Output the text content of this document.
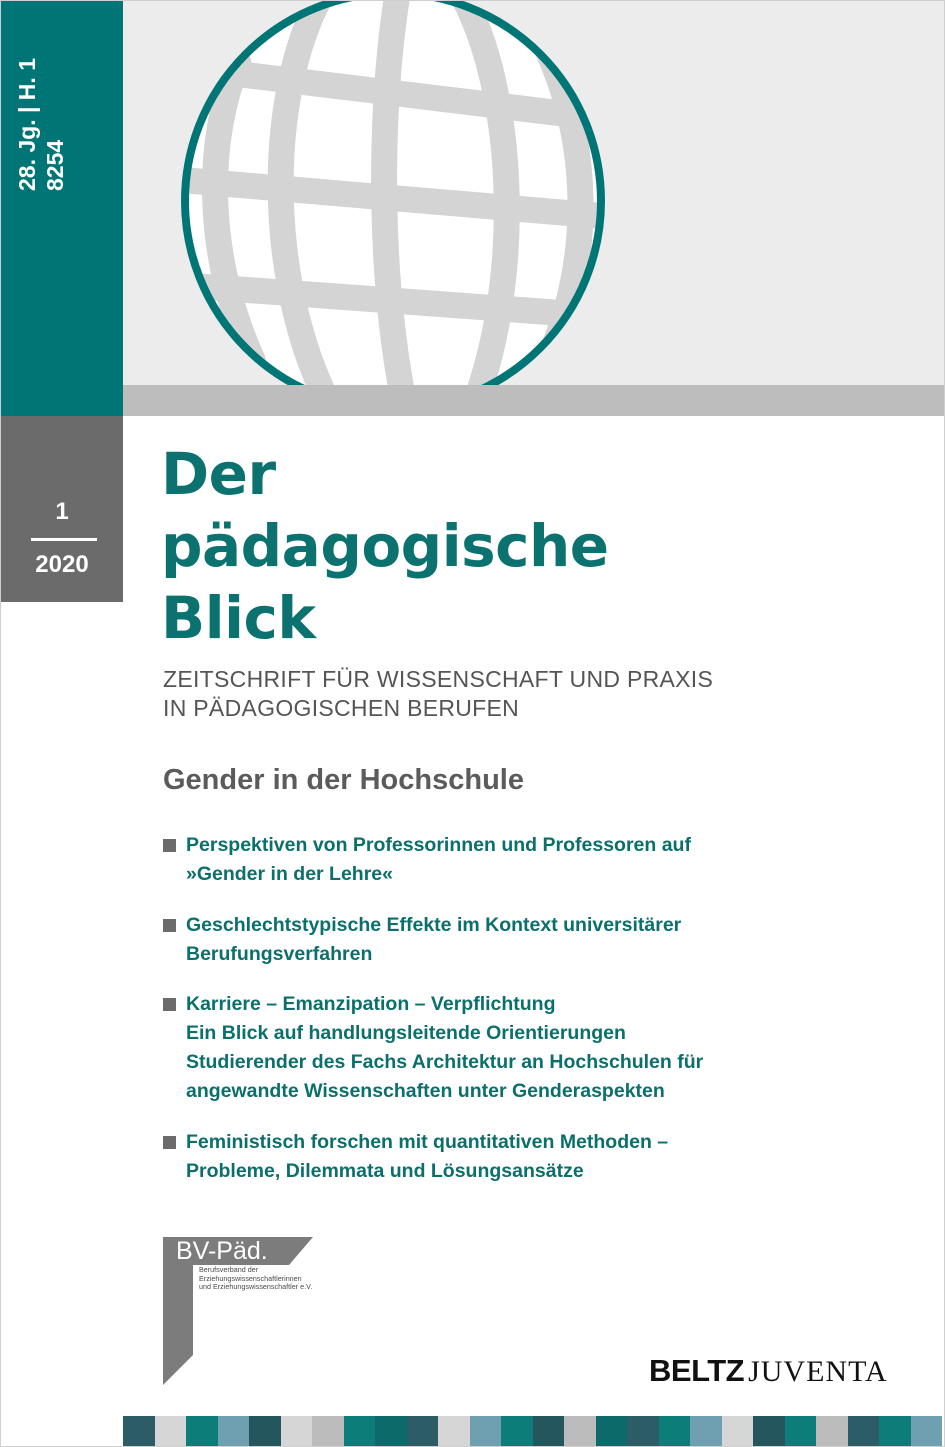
28. Jg. | H. 1 8254
1
2020
Der
pädagogische
Blick
ZEITSCHRIFT FÜR WISSENSCHAFT UND PRAXIS
IN PÄDAGOGISCHEN BERUFEN
Gender in der Hochschule
Perspektiven von Professorinnen und Professoren auf
»Gender in der Lehre«
Geschlechtstypische Effekte im Kontext universitärer
Berufungsverfahren
Karriere – Emanzipation – Verpflichtung
Ein Blick auf handlungsleitende Orientierungen
Studierender des Fachs Architektur an Hochschulen für
angewandte Wissenschaften unter Genderaspekten
Feministisch forschen mit quantitativen Methoden –
Probleme, Dilemmata und Lösungsansätze
BV-Päd.
Berufsverband der
Erziehungswissenschaftlerinnen
und Erziehungswissenschaftler e.V.
BELTZ JUVENTA
